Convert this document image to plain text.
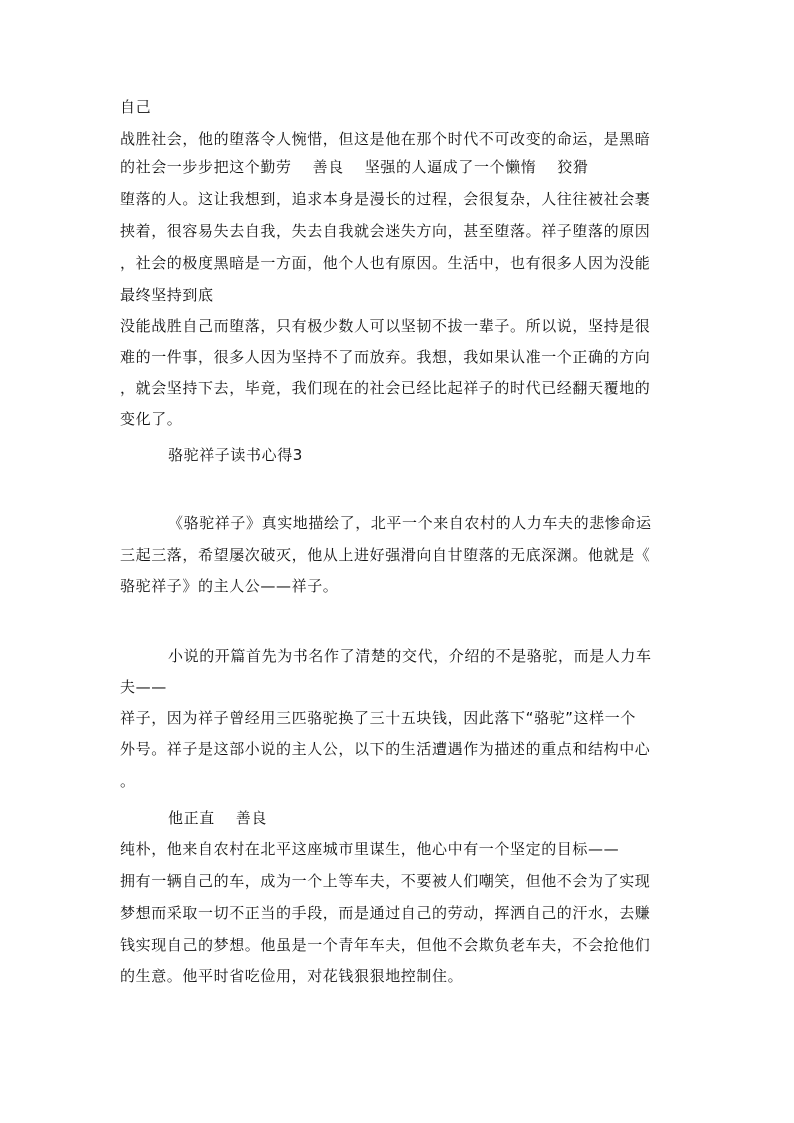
自己

战胜社会，他的堕落令人惋惜，但这是他在那个时代不可改变的命运，是黑暗

的社会一步步把这个勤劳　 善良　 坚强的人逼成了一个懒惰　 狡猾

堕落的人。这让我想到，追求本身是漫长的过程，会很复杂，人往往被社会裹

挟着，很容易失去自我，失去自我就会迷失方向，甚至堕落。祥子堕落的原因

，社会的极度黑暗是一方面，他个人也有原因。生活中，也有很多人因为没能

最终坚持到底

没能战胜自己而堕落，只有极少数人可以坚韧不拔一辈子。所以说，坚持是很

难的一件事，很多人因为坚持不了而放弃。我想，我如果认准一个正确的方向

，就会坚持下去，毕竟，我们现在的社会已经比起祥子的时代已经翻天覆地的

变化了。

骆驼祥子读书心得3

《骆驼祥子》真实地描绘了，北平一个来自农村的人力车夫的悲惨命运

三起三落，希望屡次破灭，他从上进好强滑向自甘堕落的无底深渊。他就是《

骆驼祥子》的主人公——祥子。

小说的开篇首先为书名作了清楚的交代，介绍的不是骆驼，而是人力车

夫——

祥子，因为祥子曾经用三匹骆驼换了三十五块钱，因此落下“骆驼”这样一个

外号。祥子是这部小说的主人公，以下的生活遭遇作为描述的重点和结构中心

。

他正直　 善良

纯朴，他来自农村在北平这座城市里谋生，他心中有一个坚定的目标——

拥有一辆自己的车，成为一个上等车夫，不要被人们嘲笑，但他不会为了实现

梦想而采取一切不正当的手段，而是通过自己的劳动，挥洒自己的汗水，去赚

钱实现自己的梦想。他虽是一个青年车夫，但他不会欺负老车夫，不会抢他们

的生意。他平时省吃俭用，对花钱狠狠地控制住。
